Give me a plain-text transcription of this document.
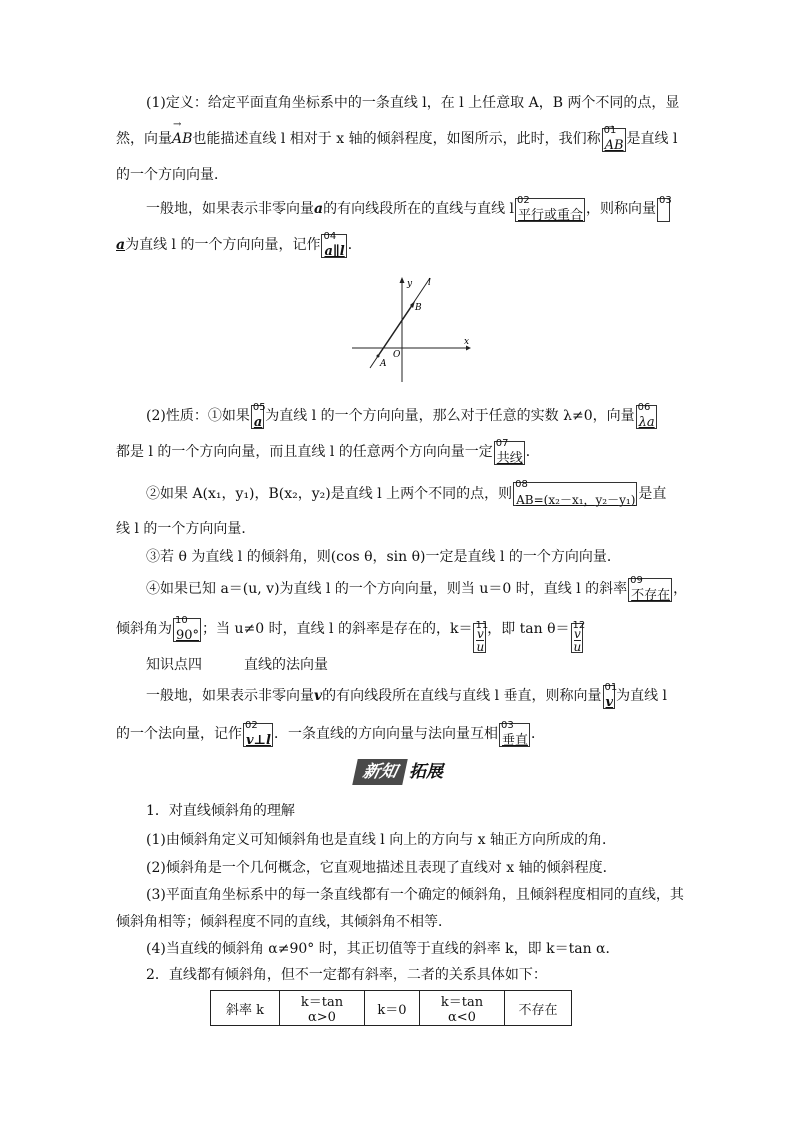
(1)定义：给定平面直角坐标系中的一条直线 l，在 l 上任意取 A，B 两个不同的点，显
然，向量→ AB也能描述直线 l 相对于 x 轴的倾斜程度，如图所示，此时，我们称
01
→ AB 是直线 l
的一个方向向量．
一般地，如果表示非零向量a的有向线段所在的直线与直线 l
02
平行或重合 ，则称向量
03
a为直线 l 的一个方向向量，记作
04
a∥l ．
x
y l
O
A
B
(2)性质：①如果
05
a 为直线 l 的一个方向向量，那么对于任意的实数 λ≠0，向量
06
λa
都是 l 的一个方向向量，而且直线 l 的任意两个方向向量一定
07
共线 ．
②如果 A(x₁，y₁)，B(x₂，y₂)是直线 l 上两个不同的点，则
08
AB=(x₂－x₁，y₂－y₁) 是直
线 l 的一个方向向量．
③若 θ 为直线 l 的倾斜角，则(cos θ，sin θ)一定是直线 l 的一个方向向量．
④如果已知 a＝(u, v)为直线 l 的一个方向向量，则当 u＝0 时，直线 l 的斜率
09
不存在 ，
倾斜角为
10
90° ；当 u≠0 时，直线 l 的斜率是存在的，k＝ 11
$\frac{v}{u}$ ，即 tan θ＝ 12
$\frac{v}{u}$
知识点四	直线的法向量
一般地，如果表示非零向量v的有向线段所在直线与直线 l 垂直，则称向量
01
v 为直线 l
的一个法向量，记作
02
v⊥l ．一条直线的方向向量与法向量互相
03
垂直 ．
新知 拓展
1．对直线倾斜角的理解
(1)由倾斜角定义可知倾斜角也是直线 l 向上的方向与 x 轴正方向所成的角．
(2)倾斜角是一个几何概念，它直观地描述且表现了直线对 x 轴的倾斜程度．
(3)平面直角坐标系中的每一条直线都有一个确定的倾斜角，且倾斜程度相同的直线，其
倾斜角相等；倾斜程度不同的直线，其倾斜角不相等．
(4)当直线的倾斜角 α≠90° 时，其正切值等于直线的斜率 k，即 k＝tan α．
2．直线都有倾斜角，但不一定都有斜率，二者的关系具体如下：
斜率 k	k＝tan α>0	k＝0	k＝tan α<0	不存在
